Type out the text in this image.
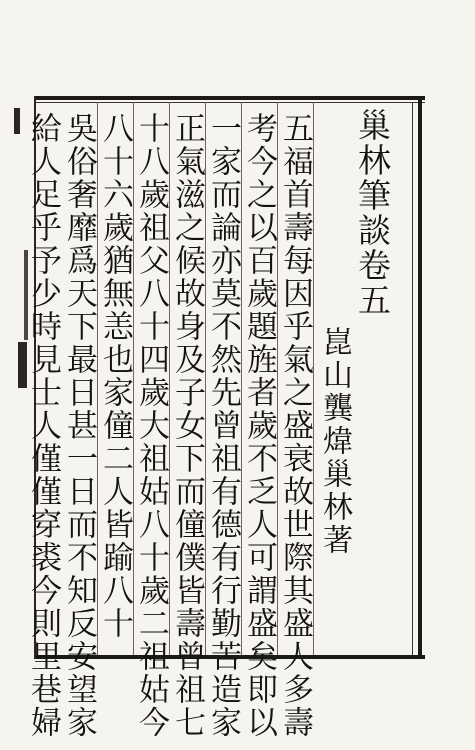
巢林筆談卷五
崑山龔煒巢林著
五福首壽每因乎氣之盛衰故世際其盛人多壽
考今之以百歲題旌者歲不乏人可謂盛矣即以
一家而論亦莫不然先曾祖有德有行勤苦造家
正氣滋之候故身及子女下而僮僕皆壽曾祖七
十八歲祖父八十四歲大祖姑八十歲二祖姑今
八十六歲猶無恙也家僮二人皆踰八十
吳俗奢靡爲天下最日甚一日而不知反安望家
給人足乎予少時見士人僅僅穿裘今則里巷婦
